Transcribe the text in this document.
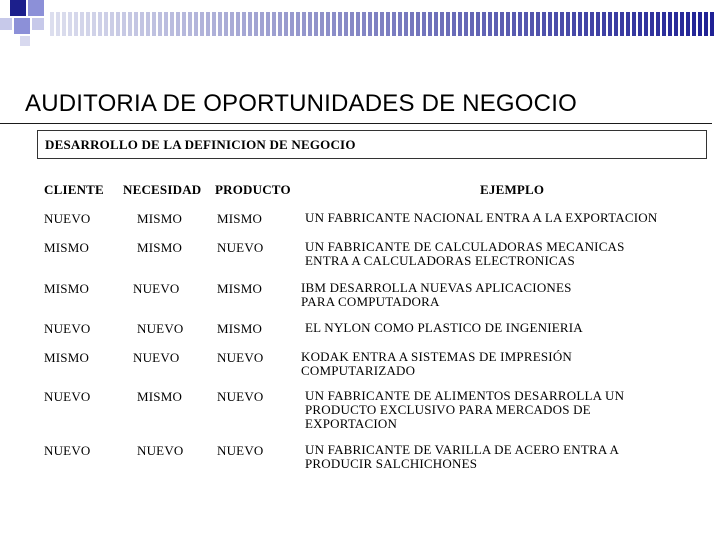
AUDITORIA DE OPORTUNIDADES DE NEGOCIO
DESARROLLO DE LA DEFINICION DE NEGOCIO
CLIENTE NECESIDAD PRODUCTO	EJEMPLO
NUEVO	MISMO	MISMO	UN FABRICANTE NACIONAL ENTRA A LA EXPORTACION
MISMO	MISMO	NUEVO	UN FABRICANTE DE CALCULADORAS MECANICAS
ENTRA A CALCULADORAS ELECTRONICAS
MISMO	NUEVO	MISMO	IBM DESARROLLA NUEVAS APLICACIONES
PARA COMPUTADORA
NUEVO	NUEVO	MISMO	EL NYLON COMO PLASTICO DE INGENIERIA
MISMO	NUEVO	NUEVO	KODAK ENTRA A SISTEMAS DE IMPRESIÓN
COMPUTARIZADO
NUEVO	MISMO	NUEVO	UN FABRICANTE DE ALIMENTOS DESARROLLA UN
PRODUCTO EXCLUSIVO PARA MERCADOS DE
EXPORTACION
NUEVO	NUEVO	NUEVO	UN FABRICANTE DE VARILLA DE ACERO ENTRA A
PRODUCIR SALCHICHONES
